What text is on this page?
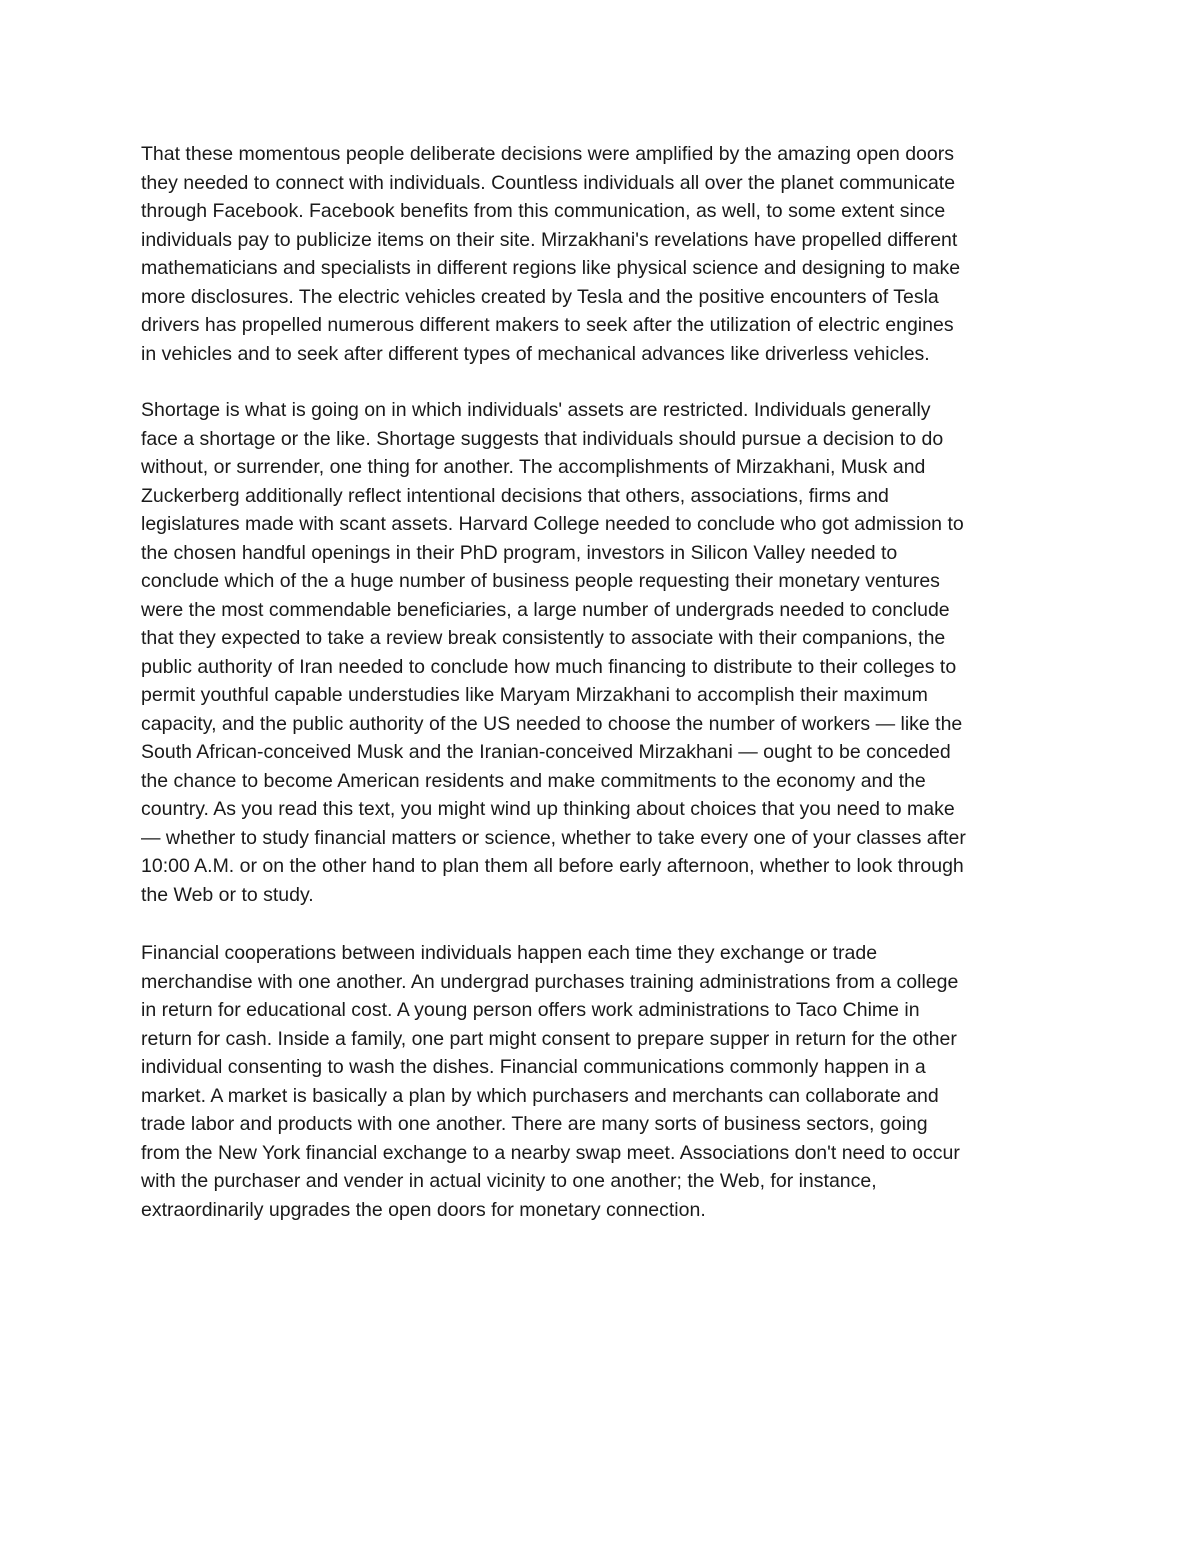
That these momentous people deliberate decisions were amplified by the amazing open doors
they needed to connect with individuals. Countless individuals all over the planet communicate
through Facebook. Facebook benefits from this communication, as well, to some extent since
individuals pay to publicize items on their site. Mirzakhani's revelations have propelled different
mathematicians and specialists in different regions like physical science and designing to make
more disclosures. The electric vehicles created by Tesla and the positive encounters of Tesla
drivers has propelled numerous different makers to seek after the utilization of electric engines
in vehicles and to seek after different types of mechanical advances like driverless vehicles.
Shortage is what is going on in which individuals' assets are restricted. Individuals generally
face a shortage or the like. Shortage suggests that individuals should pursue a decision to do
without, or surrender, one thing for another. The accomplishments of Mirzakhani, Musk and
Zuckerberg additionally reflect intentional decisions that others, associations, firms and
legislatures made with scant assets. Harvard College needed to conclude who got admission to
the chosen handful openings in their PhD program, investors in Silicon Valley needed to
conclude which of the a huge number of business people requesting their monetary ventures
were the most commendable beneficiaries, a large number of undergrads needed to conclude
that they expected to take a review break consistently to associate with their companions, the
public authority of Iran needed to conclude how much financing to distribute to their colleges to
permit youthful capable understudies like Maryam Mirzakhani to accomplish their maximum
capacity, and the public authority of the US needed to choose the number of workers — like the
South African-conceived Musk and the Iranian-conceived Mirzakhani — ought to be conceded
the chance to become American residents and make commitments to the economy and the
country. As you read this text, you might wind up thinking about choices that you need to make
— whether to study financial matters or science, whether to take every one of your classes after
10:00 A.M. or on the other hand to plan them all before early afternoon, whether to look through
the Web or to study.
Financial cooperations between individuals happen each time they exchange or trade
merchandise with one another. An undergrad purchases training administrations from a college
in return for educational cost. A young person offers work administrations to Taco Chime in
return for cash. Inside a family, one part might consent to prepare supper in return for the other
individual consenting to wash the dishes. Financial communications commonly happen in a
market. A market is basically a plan by which purchasers and merchants can collaborate and
trade labor and products with one another. There are many sorts of business sectors, going
from the New York financial exchange to a nearby swap meet. Associations don't need to occur
with the purchaser and vender in actual vicinity to one another; the Web, for instance,
extraordinarily upgrades the open doors for monetary connection.
